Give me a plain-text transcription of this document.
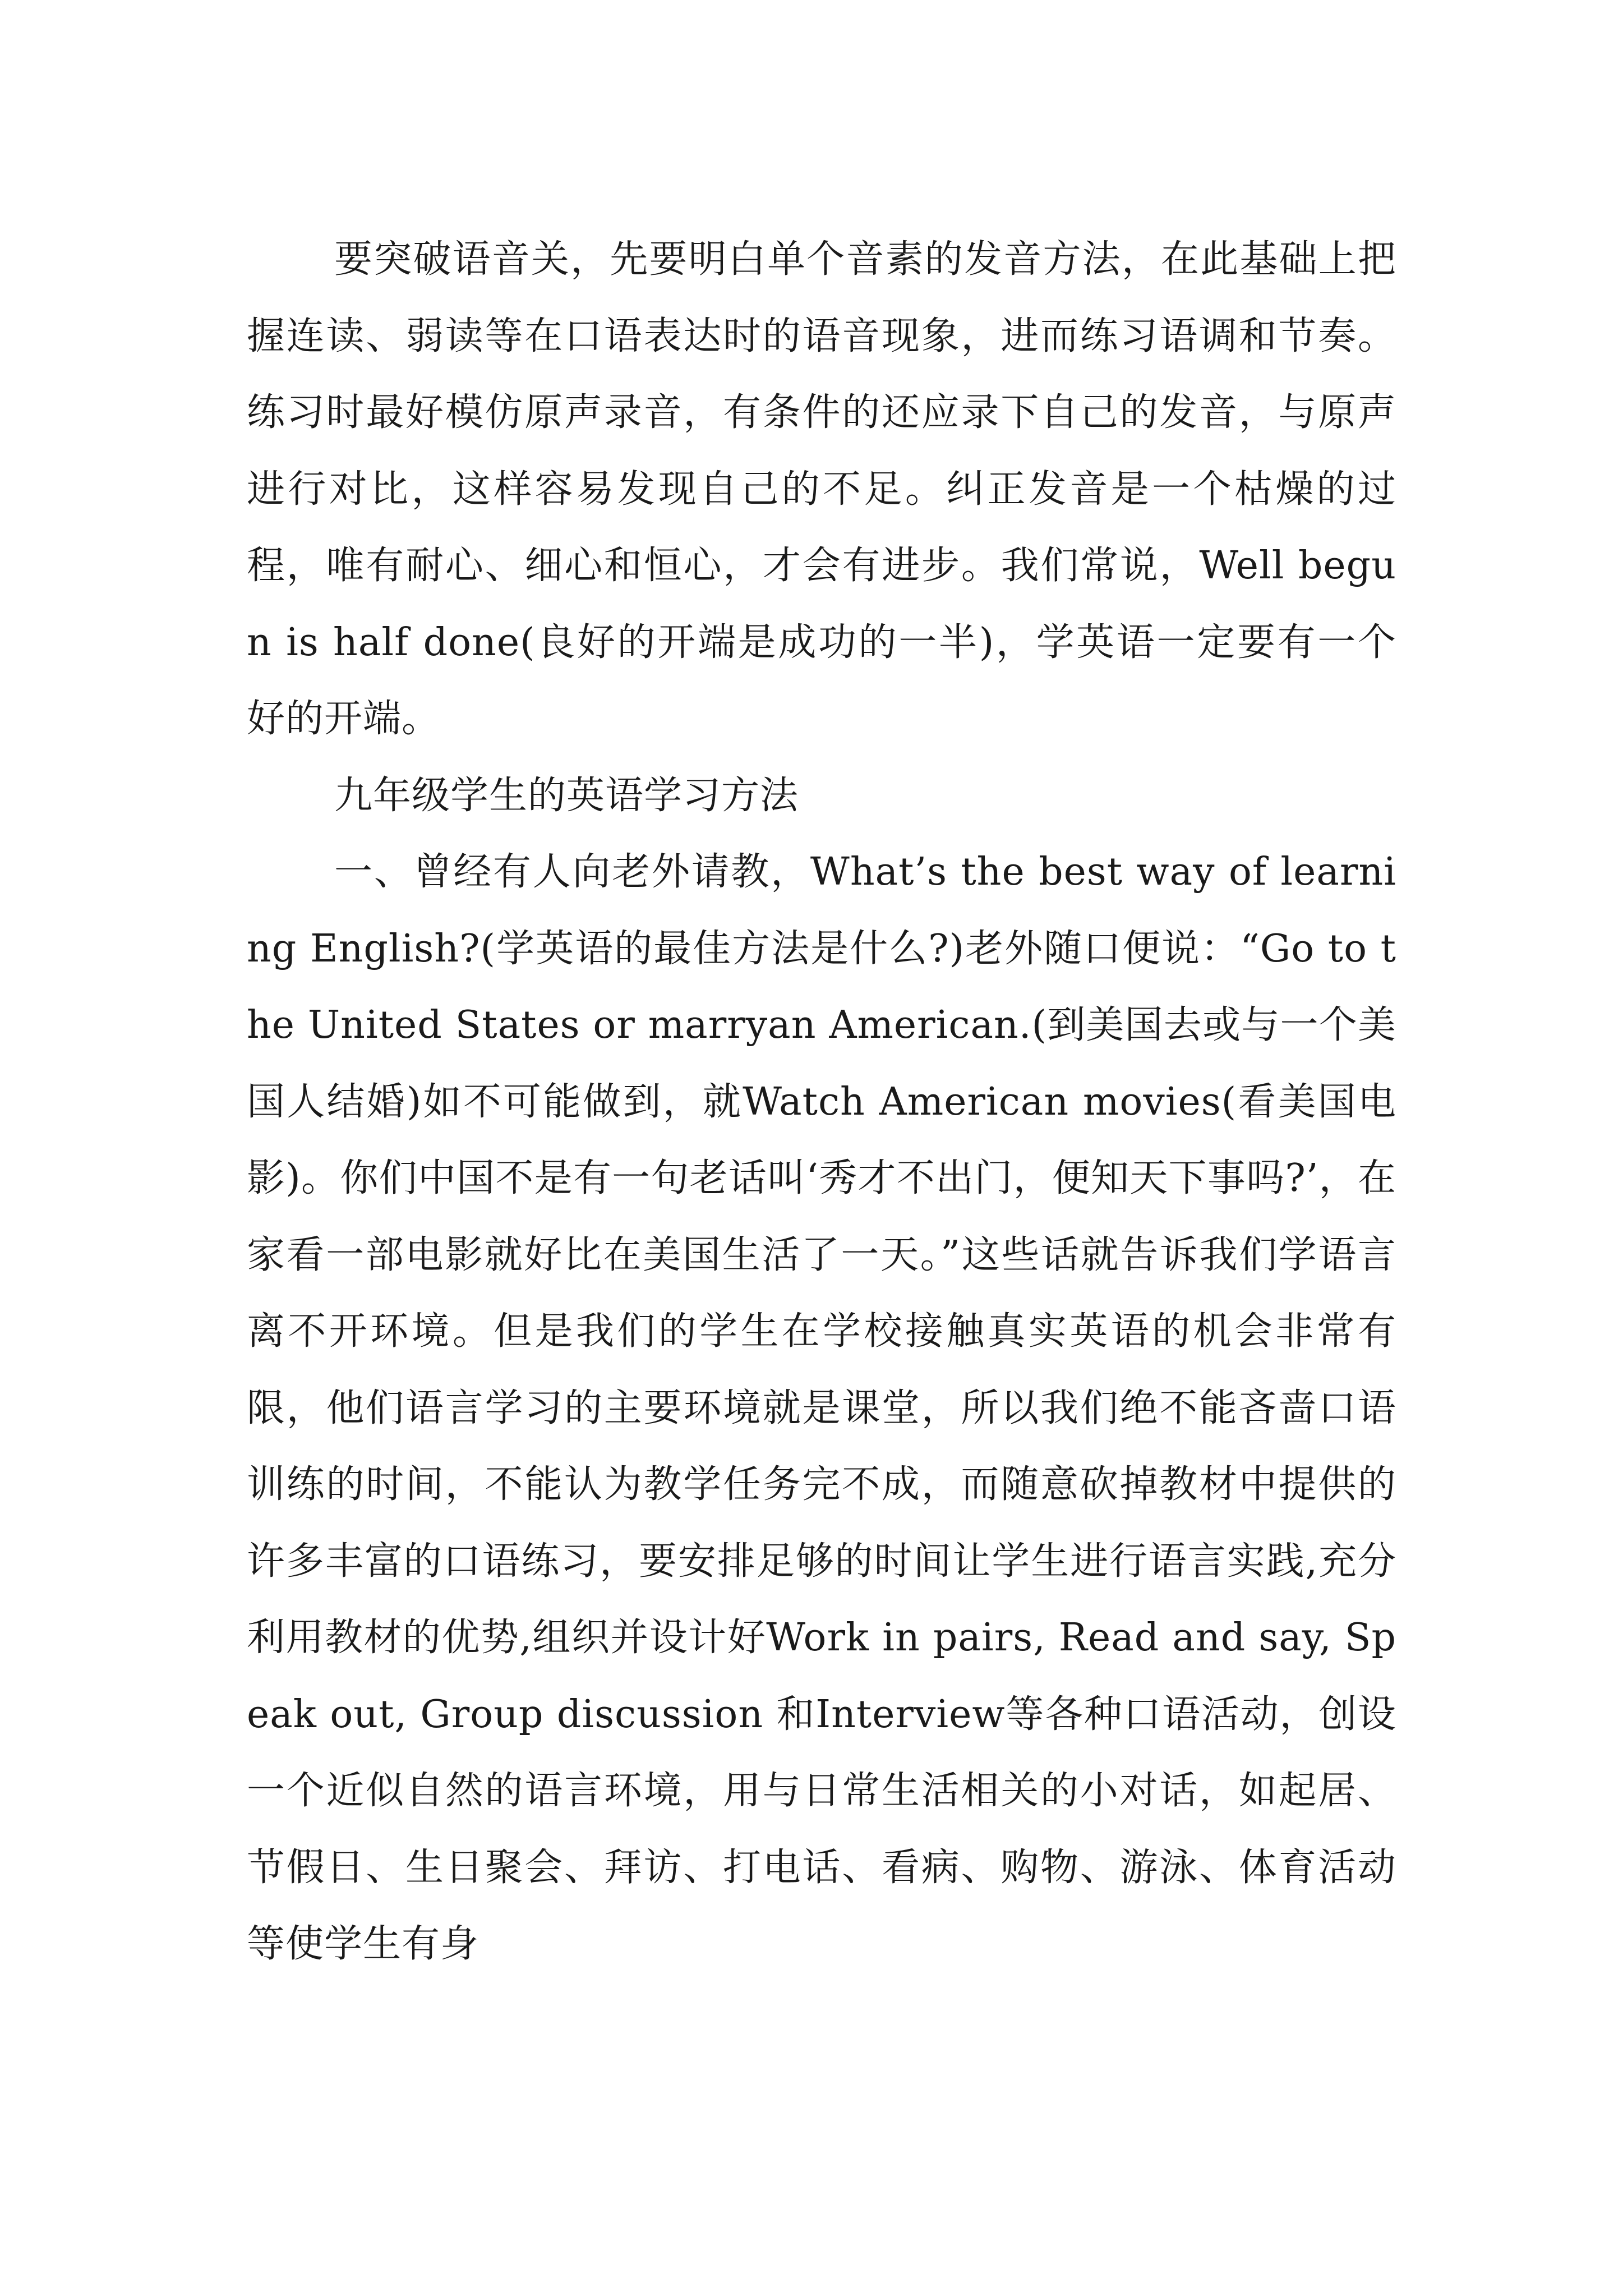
要突破语音关，先要明白单个音素的发音方法，在此基础上把握连读、弱读等在口语表达时的语音现象，进而练习语调和节奏。练习时最好模仿原声录音，有条件的还应录下自己的发音，与原声进行对比，这样容易发现自己的不足。纠正发音是一个枯燥的过程，唯有耐心、细心和恒心，才会有进步。我们常说，Well begun is half done(良好的开端是成功的一半)，学英语一定要有一个好的开端。

九年级学生的英语学习方法

一、曾经有人向老外请教，What’s the best way of learning English?(学英语的最佳方法是什么?)老外随口便说：“Go to the United States or marryan American.(到美国去或与一个美国人结婚)如不可能做到，就Watch American movies(看美国电影)。你们中国不是有一句老话叫‘秀才不出门，便知天下事吗?’，在家看一部电影就好比在美国生活了一天。”这些话就告诉我们学语言离不开环境。但是我们的学生在学校接触真实英语的机会非常有限，他们语言学习的主要环境就是课堂，所以我们绝不能吝啬口语训练的时间，不能认为教学任务完不成，而随意砍掉教材中提供的许多丰富的口语练习，要安排足够的时间让学生进行语言实践,充分利用教材的优势,组织并设计好Work in pairs, Read and say, Speak out, Group discussion 和Interview等各种口语活动，创设一个近似自然的语言环境，用与日常生活相关的小对话，如起居、节假日、生日聚会、拜访、打电话、看病、购物、游泳、体育活动等使学生有身
